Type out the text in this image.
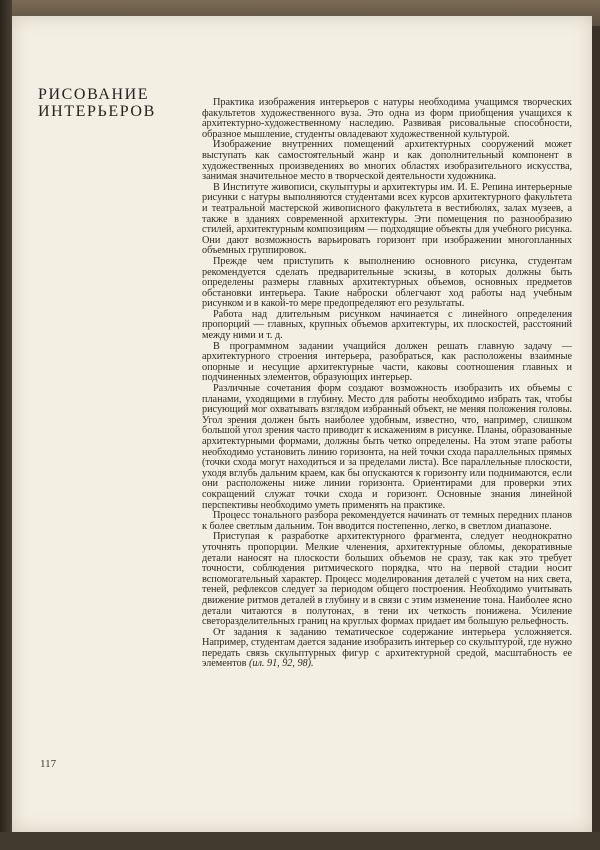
РИСОВАНИЕ
ИНТЕРЬЕРОВ

Практика изображения интерьеров с натуры необходима учащимся творческих факультетов художественного вуза. Это одна из форм приобщения учащихся к архитектурно-художественному наследию. Развивая рисовальные способности, образное мышление, студенты овладевают художественной культурой.

Изображение внутренних помещений архитектурных сооружений может выступать как самостоятельный жанр и как дополнительный компонент в художественных произведениях во многих областях изобразительного искусства, занимая значительное место в творческой деятельности художника.

В Институте живописи, скульптуры и архитектуры им. И. Е. Репина интерьерные рисунки с натуры выполняются студентами всех курсов архитектурного факультета и театральной мастерской живописного факультета в вестибюлях, залах музеев, а также в зданиях современной архитектуры. Эти помещения по разнообразию стилей, архитектурным композициям — подходящие объекты для учебного рисунка. Они дают возможность варьировать горизонт при изображении многопланных объемных группировок.

Прежде чем приступить к выполнению основного рисунка, студентам рекомендуется сделать предварительные эскизы, в которых должны быть определены размеры главных архитектурных объемов, основных предметов обстановки интерьера. Такие наброски облегчают ход работы над учебным рисунком и в какой-то мере предопределяют его результаты.

Работа над длительным рисунком начинается с линейного определения пропорций — главных, крупных объемов архитектуры, их плоскостей, расстояний между ними и т. д.

В программном задании учащийся должен решать главную задачу — архитектурного строения интерьера, разобраться, как расположены взаимные опорные и несущие архитектурные части, каковы соотношения главных и подчиненных элементов, образующих интерьер.

Различные сочетания форм создают возможность изобразить их объемы с планами, уходящими в глубину. Место для работы необходимо избрать так, чтобы рисующий мог охватывать взглядом избранный объект, не меняя положения головы. Угол зрения должен быть наиболее удобным, известно, что, например, слишком большой угол зрения часто приводит к искажениям в рисунке. Планы, образованные архитектурными формами, должны быть четко определены. На этом этапе работы необходимо установить линию горизонта, на ней точки схода параллельных прямых (точки схода могут находиться и за пределами листа). Все параллельные плоскости, уходя вглубь дальним краем, как бы опускаются к горизонту или поднимаются, если они расположены ниже линии горизонта. Ориентирами для проверки этих сокращений служат точки схода и горизонт. Основные знания линейной перспективы необходимо уметь применять на практике.

Процесс тонального разбора рекомендуется начинать от темных передних планов к более светлым дальним. Тон вводится постепенно, легко, в светлом диапазоне.

Приступая к разработке архитектурного фрагмента, следует неоднократно уточнять пропорции. Мелкие членения, архитектурные обломы, декоративные детали наносят на плоскости больших объемов не сразу, так как это требует точности, соблюдения ритмического порядка, что на первой стадии носит вспомогательный характер. Процесс моделирования деталей с учетом на них света, теней, рефлексов следует за периодом общего построения. Необходимо учитывать движение ритмов деталей в глубину и в связи с этим изменение тона. Наиболее ясно детали читаются в полутонах, в тени их четкость понижена. Усиление светоразделительных границ на круглых формах придает им большую рельефность.

От задания к заданию тематическое содержание интерьера усложняется. Например, студентам дается задание изобразить интерьер со скульптурой, где нужно передать связь скульптурных фигур с архитектурной средой, масштабность ее элементов (ил. 91, 92, 98).

117
